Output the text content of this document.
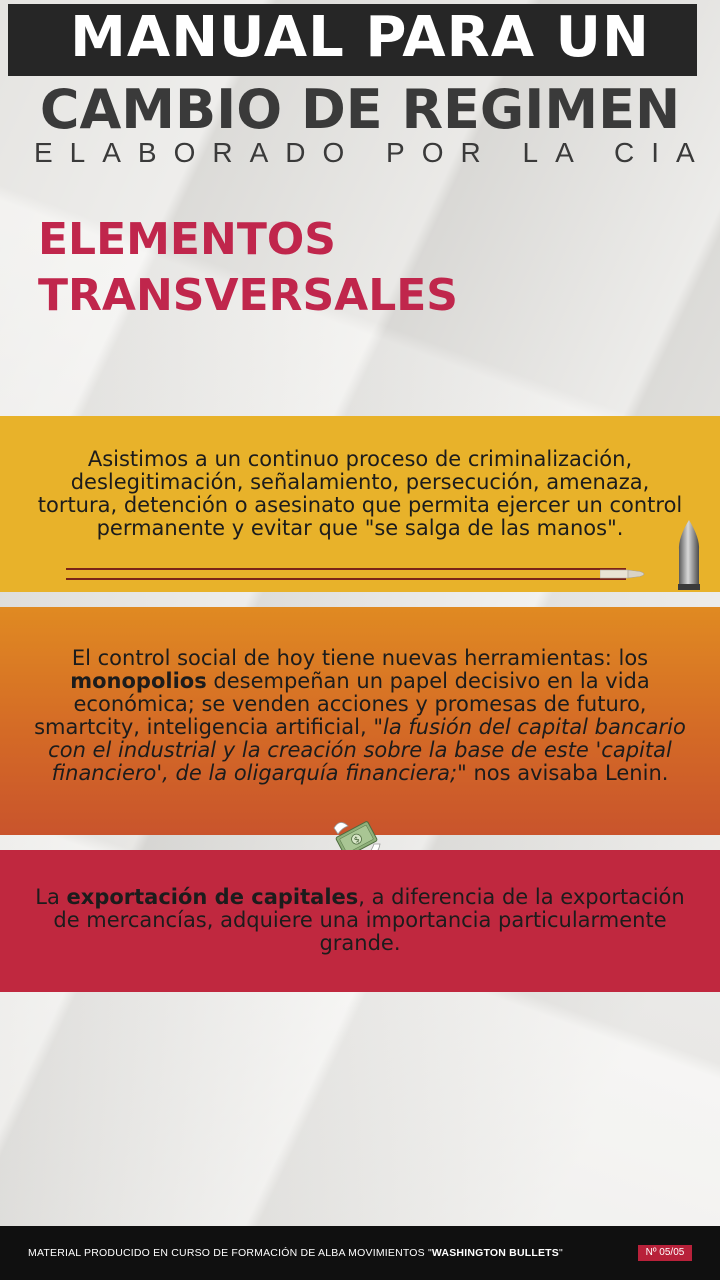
MANUAL PARA UN
CAMBIO DE REGIMEN
ELABORADO POR LA CIA
ELEMENTOS TRANSVERSALES
Asistimos a un continuo proceso de criminalización, deslegitimación, señalamiento, persecución, amenaza, tortura, detención o asesinato que permita ejercer un control permanente y evitar que "se salga de las manos".
El control social de hoy tiene nuevas herramientas: los monopolios desempeñan un papel decisivo en la vida económica; se venden acciones y promesas de futuro, smartcity, inteligencia artificial, "la fusión del capital bancario con el industrial y la creación sobre la base de este 'capital financiero', de la oligarquía financiera;" nos avisaba Lenin.
$
La exportación de capitales, a diferencia de la exportación de mercancías, adquiere una importancia particularmente grande.
MATERIAL PRODUCIDO EN CURSO DE FORMACIÓN DE ALBA MOVIMIENTOS "WASHINGTON BULLETS"	Nº 05/05
